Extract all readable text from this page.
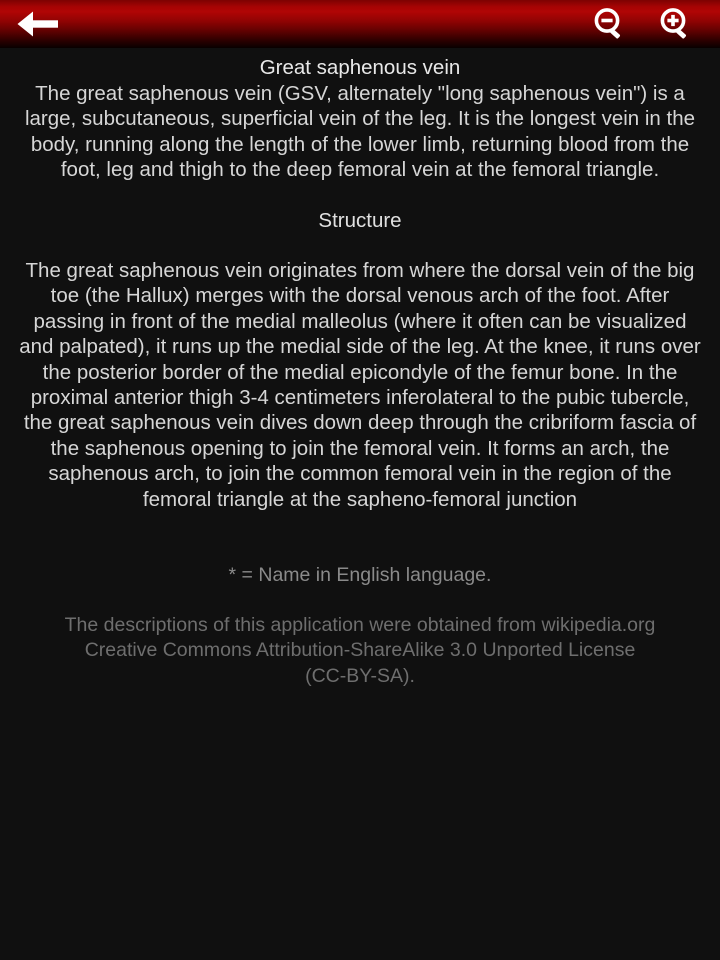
Great saphenous vein

The great saphenous vein (GSV, alternately "long saphenous vein") is a large, subcutaneous, superficial vein of the leg. It is the longest vein in the body, running along the length of the lower limb, returning blood from the foot, leg and thigh to the deep femoral vein at the femoral triangle.

Structure

The great saphenous vein originates from where the dorsal vein of the big toe (the Hallux) merges with the dorsal venous arch of the foot. After passing in front of the medial malleolus (where it often can be visualized and palpated), it runs up the medial side of the leg. At the knee, it runs over the posterior border of the medial epicondyle of the femur bone. In the proximal anterior thigh 3-4 centimeters inferolateral to the pubic tubercle, the great saphenous vein dives down deep through the cribriform fascia of the saphenous opening to join the femoral vein. It forms an arch, the saphenous arch, to join the common femoral vein in the region of the femoral triangle at the sapheno-femoral junction

* = Name in English language.

The descriptions of this application were obtained from wikipedia.org
Creative Commons Attribution-ShareAlike 3.0 Unported License
(CC-BY-SA).
